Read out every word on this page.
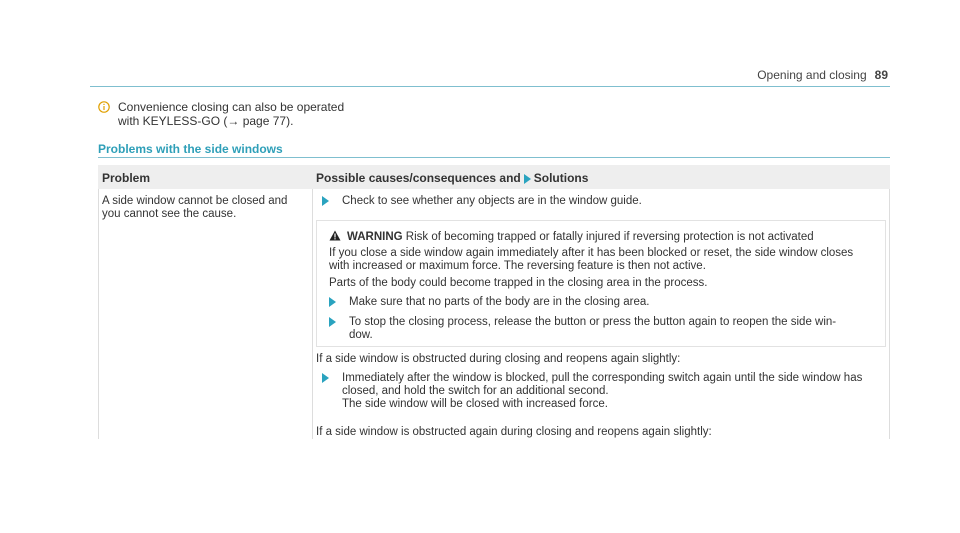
Opening and closing 89
Convenience closing can also be operated
with KEYLESS-GO (→ page 77).
Problems with the side windows
Problem	Possible causes/consequences and Solutions
A side window cannot be closed and
you cannot see the cause.
Check to see whether any objects are in the window guide.
WARNING Risk of becoming trapped or fatally injured if reversing protection is not activated
If you close a side window again immediately after it has been blocked or reset, the side window closes
with increased or maximum force. The reversing feature is then not active.
Parts of the body could become trapped in the closing area in the process.
Make sure that no parts of the body are in the closing area.
To stop the closing process, release the button or press the button again to reopen the side win-
dow.
If a side window is obstructed during closing and reopens again slightly:
Immediately after the window is blocked, pull the corresponding switch again until the side window has
closed, and hold the switch for an additional second.
The side window will be closed with increased force.
If a side window is obstructed again during closing and reopens again slightly:
